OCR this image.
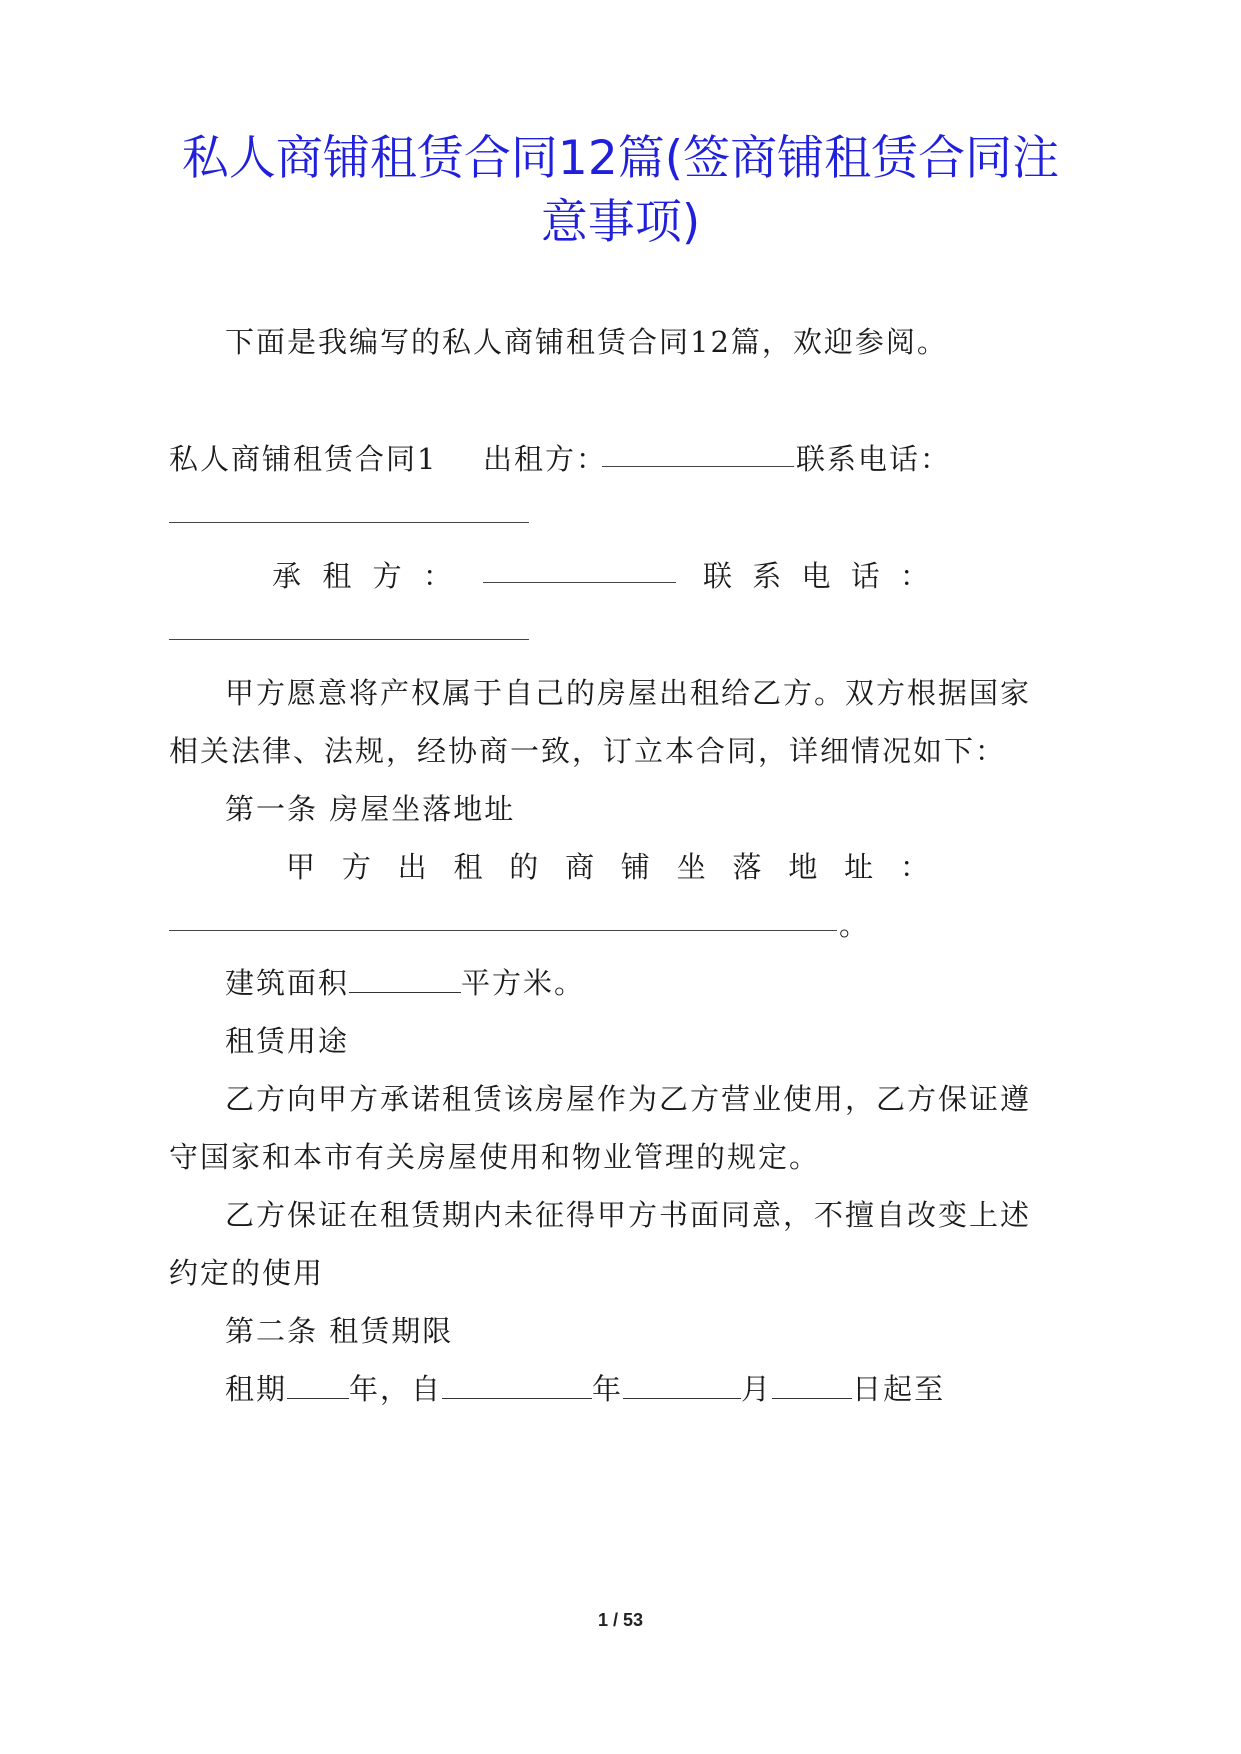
私人商铺租赁合同12篇(签商铺租赁合同注
意事项)
下面是我编写的私人商铺租赁合同12篇，欢迎参阅。
私人商铺租赁合同1 出租方：	联系电话：
承 租 方 ：	联 系 电 话 ：
甲方愿意将产权属于自己的房屋出租给乙方。双方根据国家
相关法律、法规，经协商一致，订立本合同，详细情况如下：
第一条 房屋坐落地址
甲 方 出 租 的 商 铺 坐 落 地 址 ：
。
建筑面积	平方米。
租赁用途
乙方向甲方承诺租赁该房屋作为乙方营业使用，乙方保证遵
守国家和本市有关房屋使用和物业管理的规定。
乙方保证在租赁期内未征得甲方书面同意，不擅自改变上述
约定的使用
第二条 租赁期限
租期 年，自	年	月	日起至
1 / 53
